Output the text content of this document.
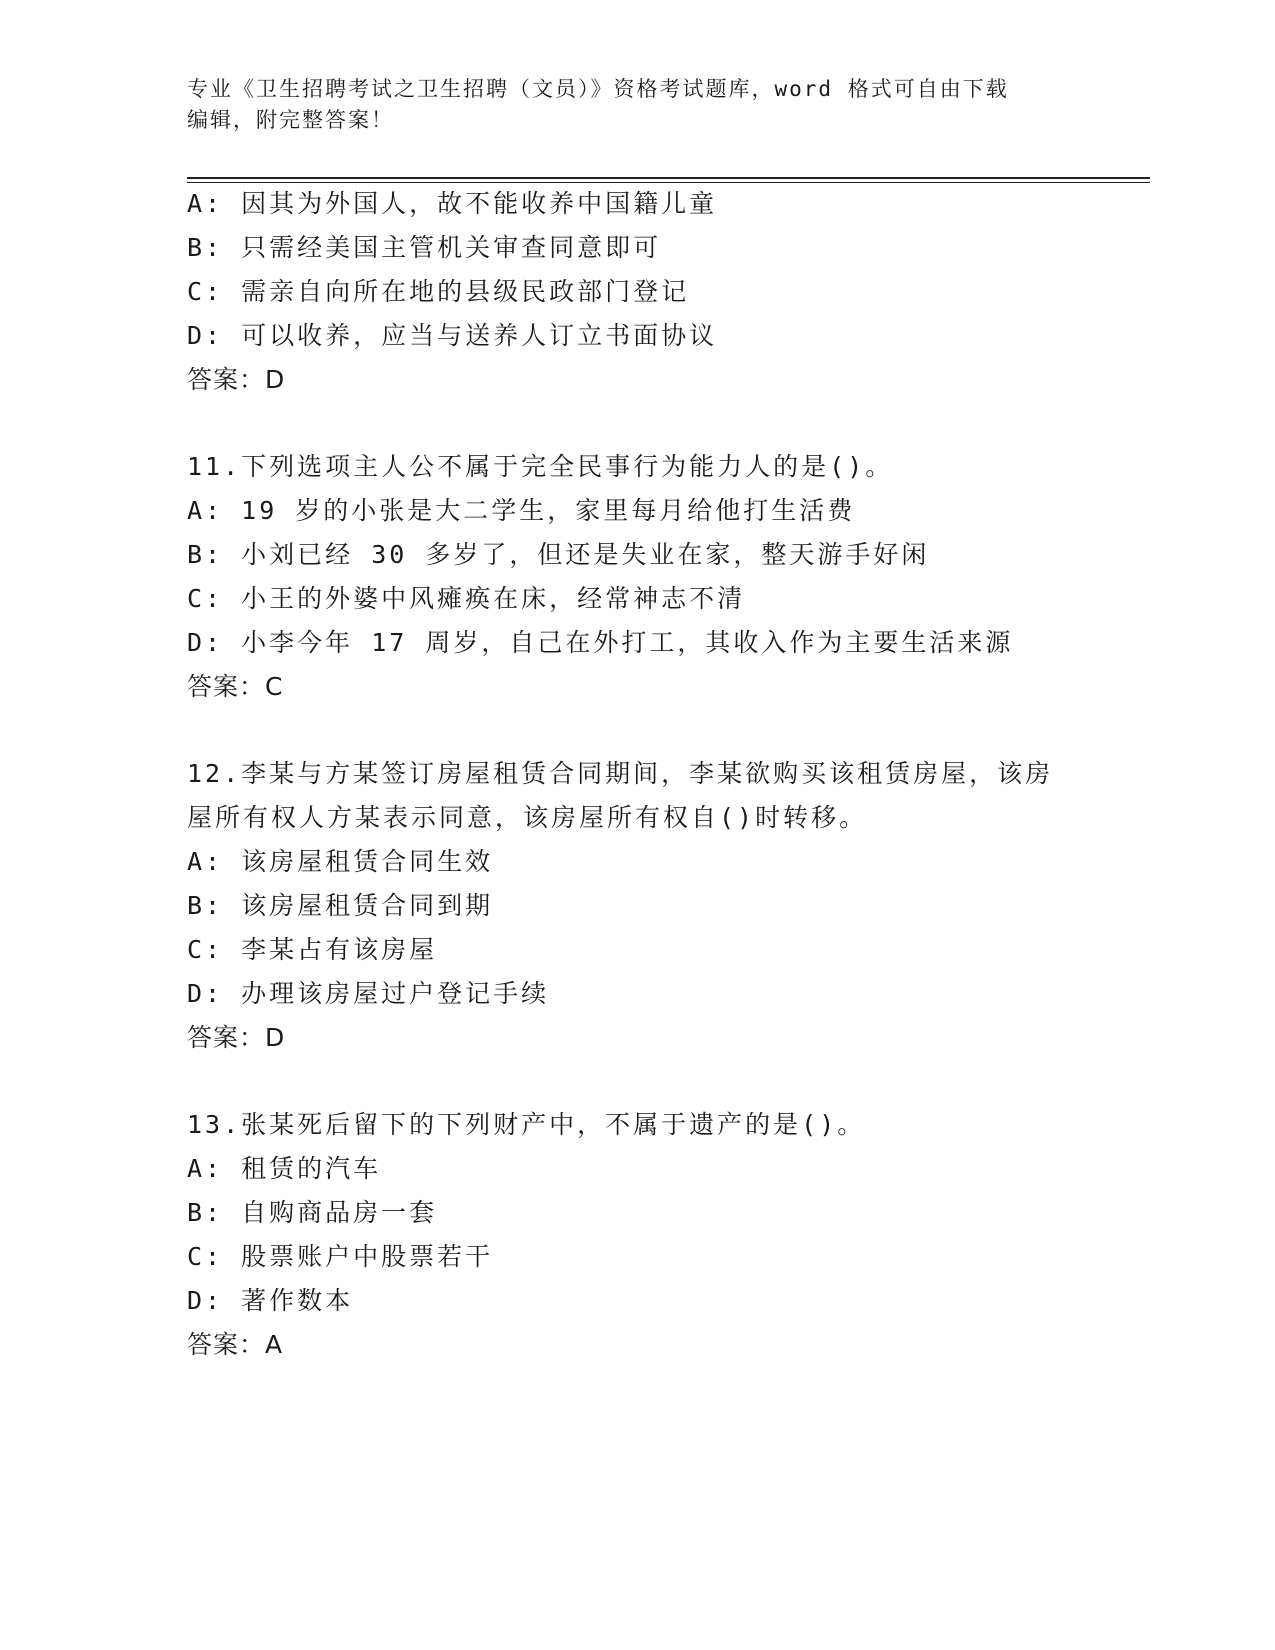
专业《卫生招聘考试之卫生招聘（文员）》资格考试题库，word 格式可自由下载
编辑，附完整答案！
A: 因其为外国人，故不能收养中国籍儿童
B: 只需经美国主管机关审查同意即可
C: 需亲自向所在地的县级民政部门登记
D: 可以收养，应当与送养人订立书面协议
答案：D
11.下列选项主人公不属于完全民事行为能力人的是()。
A: 19 岁的小张是大二学生，家里每月给他打生活费
B: 小刘已经 30 多岁了，但还是失业在家，整天游手好闲
C: 小王的外婆中风瘫痪在床，经常神志不清
D: 小李今年 17 周岁，自己在外打工，其收入作为主要生活来源
答案：C
12.李某与方某签订房屋租赁合同期间，李某欲购买该租赁房屋，该房
屋所有权人方某表示同意，该房屋所有权自()时转移。
A: 该房屋租赁合同生效
B: 该房屋租赁合同到期
C: 李某占有该房屋
D: 办理该房屋过户登记手续
答案：D
13.张某死后留下的下列财产中，不属于遗产的是()。
A: 租赁的汽车
B: 自购商品房一套
C: 股票账户中股票若干
D: 著作数本
答案：A
